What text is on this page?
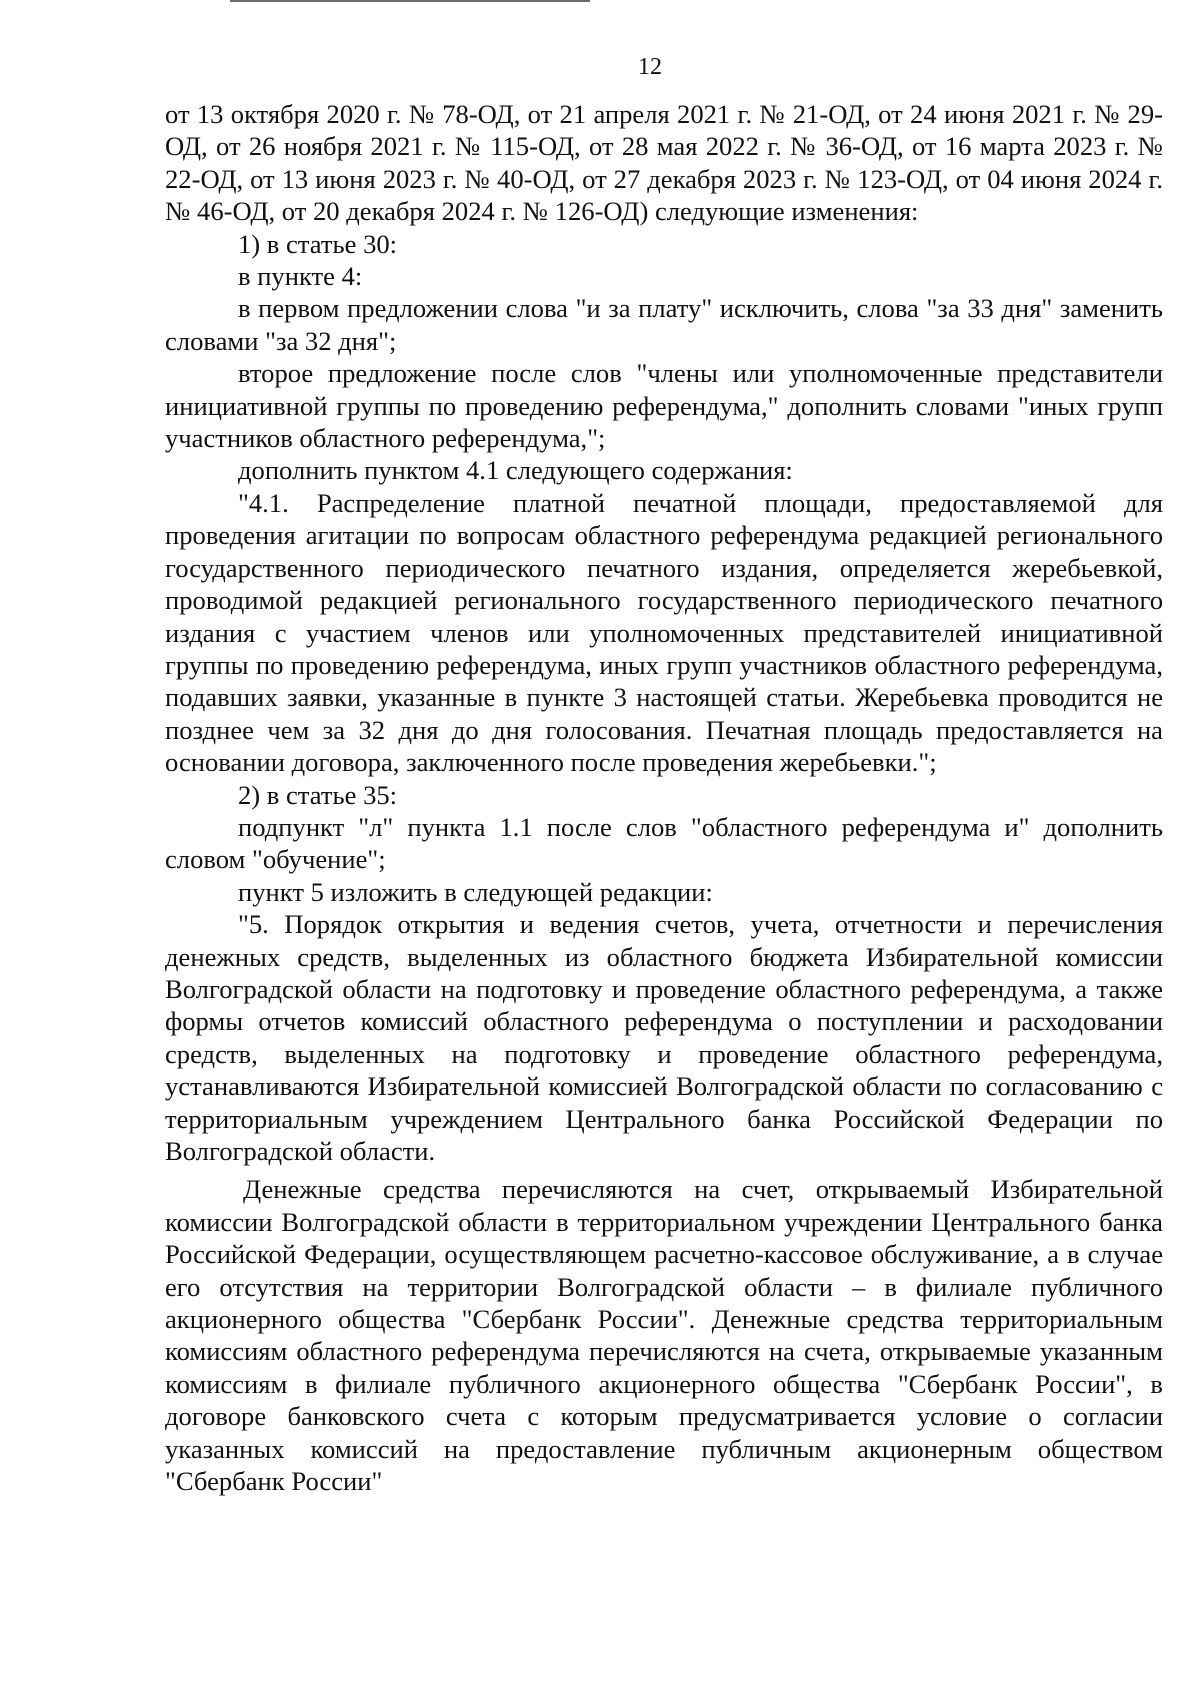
12

от 13 октября 2020 г. № 78-ОД, от 21 апреля 2021 г. № 21-ОД, от 24 июня 2021 г. № 29-ОД, от 26 ноября 2021 г. № 115-ОД, от 28 мая 2022 г. № 36-ОД, от 16 марта 2023 г. № 22-ОД, от 13 июня 2023 г. № 40-ОД, от 27 декабря 2023 г. № 123-ОД, от 04 июня 2024 г. № 46-ОД, от 20 декабря 2024 г. № 126-ОД) следующие изменения:

1) в статье 30:

в пункте 4:

в первом предложении слова "и за плату" исключить, слова "за 33 дня" заменить словами "за 32 дня";

второе предложение после слов "члены или уполномоченные представители инициативной группы по проведению референдума," дополнить словами "иных групп участников областного референдума,";

дополнить пунктом 4.1 следующего содержания:

"4.1. Распределение платной печатной площади, предоставляемой для проведения агитации по вопросам областного референдума редакцией регионального государственного периодического печатного издания, определяется жеребьевкой, проводимой редакцией регионального государственного периодического печатного издания с участием членов или уполномоченных представителей инициативной группы по проведению референдума, иных групп участников областного референдума, подавших заявки, указанные в пункте 3 настоящей статьи. Жеребьевка проводится не позднее чем за 32 дня до дня голосования. Печатная площадь предоставляется на основании договора, заключенного после проведения жеребьевки.";

2) в статье 35:

подпункт "л" пункта 1.1 после слов "областного референдума и" дополнить словом "обучение";

пункт 5 изложить в следующей редакции:

"5. Порядок открытия и ведения счетов, учета, отчетности и перечисления денежных средств, выделенных из областного бюджета Избирательной комиссии Волгоградской области на подготовку и проведение областного референдума, а также формы отчетов комиссий областного референдума о поступлении и расходовании средств, выделенных на подготовку и проведение областного референдума, устанавливаются Избирательной комиссией Волгоградской области по согласованию с территориальным учреждением Центрального банка Российской Федерации по Волгоградской области.

Денежные средства перечисляются на счет, открываемый Избирательной комиссии Волгоградской области в территориальном учреждении Центрального банка Российской Федерации, осуществляющем расчетно-кассовое обслуживание, а в случае его отсутствия на территории Волгоградской области – в филиале публичного акционерного общества "Сбербанк России". Денежные средства территориальным комиссиям областного референдума перечисляются на счета, открываемые указанным комиссиям в филиале публичного акционерного общества "Сбербанк России", в договоре банковского счета с которым предусматривается условие о согласии указанных комиссий на предоставление публичным акционерным обществом "Сбербанк России"
